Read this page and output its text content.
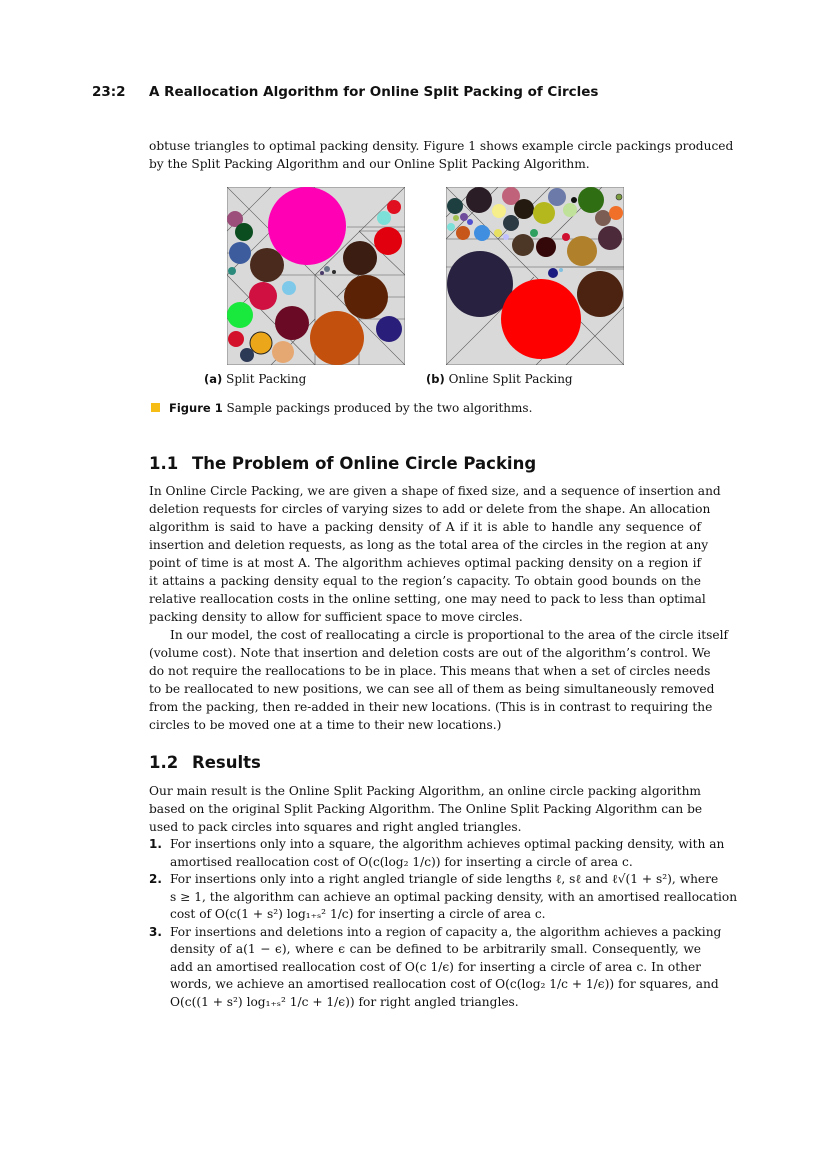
23:2 A Reallocation Algorithm for Online Split Packing of Circles
obtuse triangles to optimal packing density. Figure 1 shows example circle packings produced
by the Split Packing Algorithm and our Online Split Packing Algorithm.
(a) Split Packing	(b) Online Split Packing
Figure 1 Sample packings produced by the two algorithms.
1.1 The Problem of Online Circle Packing
In Online Circle Packing, we are given a shape of fixed size, and a sequence of insertion and
deletion requests for circles of varying sizes to add or delete from the shape. An allocation
algorithm is said to have a packing density of A if it is able to handle any sequence of
insertion and deletion requests, as long as the total area of the circles in the region at any
point of time is at most A. The algorithm achieves optimal packing density on a region if
it attains a packing density equal to the region’s capacity. To obtain good bounds on the
relative reallocation costs in the online setting, one may need to pack to less than optimal
packing density to allow for sufficient space to move circles.
In our model, the cost of reallocating a circle is proportional to the area of the circle itself
(volume cost). Note that insertion and deletion costs are out of the algorithm’s control. We
do not require the reallocations to be in place. This means that when a set of circles needs
to be reallocated to new positions, we can see all of them as being simultaneously removed
from the packing, then re-added in their new locations. (This is in contrast to requiring the
circles to be moved one at a time to their new locations.)
1.2 Results
Our main result is the Online Split Packing Algorithm, an online circle packing algorithm
based on the original Split Packing Algorithm. The Online Split Packing Algorithm can be
used to pack circles into squares and right angled triangles.
1. For insertions only into a square, the algorithm achieves optimal packing density, with an
amortised reallocation cost of O(c(log₂ 1/c)) for inserting a circle of area c.
2. For insertions only into a right angled triangle of side lengths ℓ, sℓ and ℓ√(1 + s²), where
s ≥ 1, the algorithm can achieve an optimal packing density, with an amortised reallocation
cost of O(c(1 + s²) log₁₊ₛ² 1/c) for inserting a circle of area c.
3. For insertions and deletions into a region of capacity a, the algorithm achieves a packing
density of a(1 − ϵ), where ϵ can be defined to be arbitrarily small. Consequently, we
add an amortised reallocation cost of O(c 1/ϵ) for inserting a circle of area c. In other
words, we achieve an amortised reallocation cost of O(c(log₂ 1/c + 1/ϵ)) for squares, and
O(c((1 + s²) log₁₊ₛ² 1/c + 1/ϵ)) for right angled triangles.
